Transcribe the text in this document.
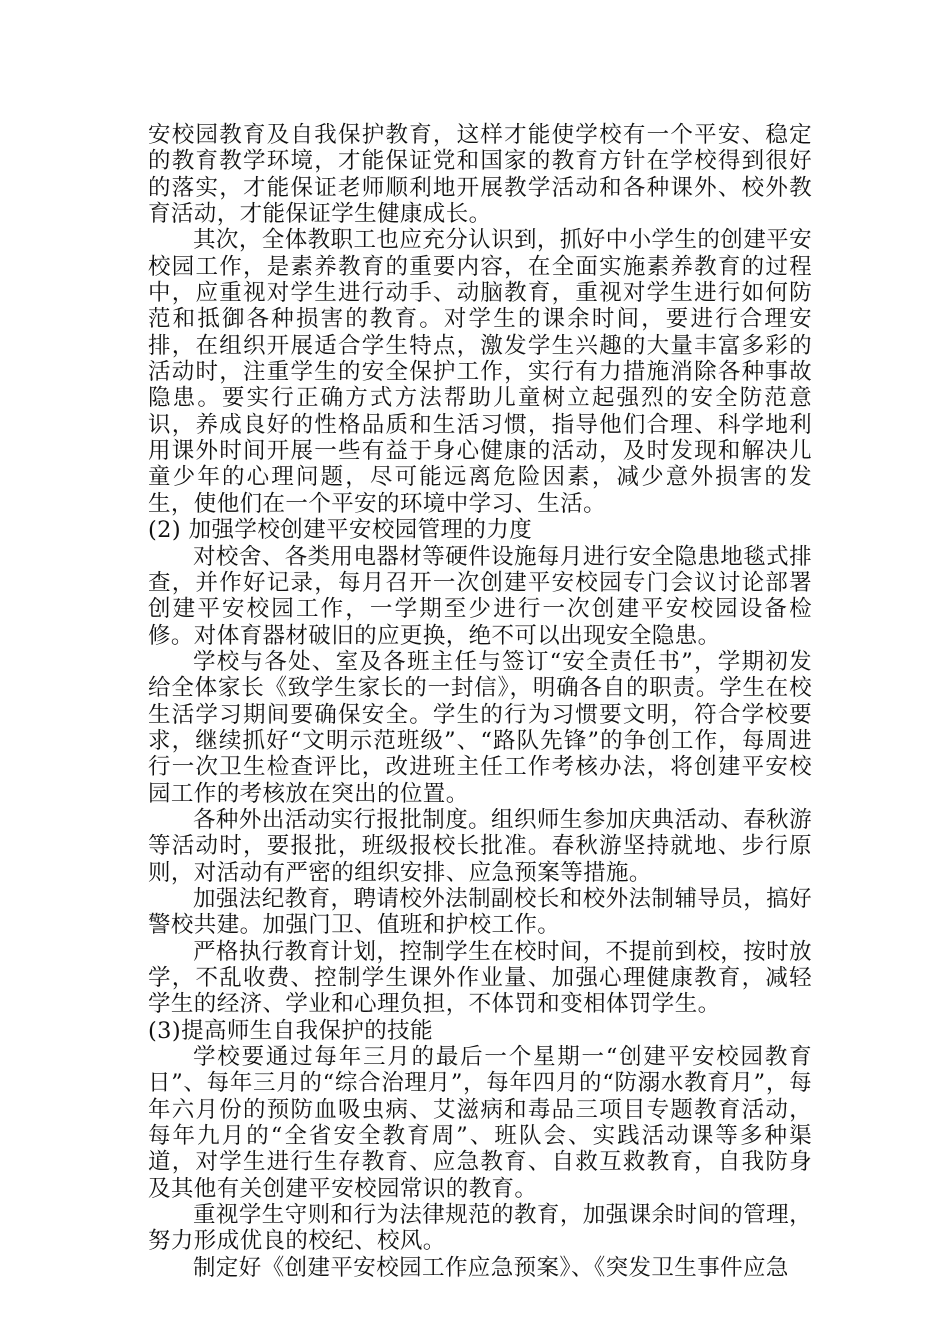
安校园教育及自我保护教育，这样才能使学校有一个平安、稳定的教育教学环境，才能保证党和国家的教育方针在学校得到很好的落实，才能保证老师顺利地开展教学活动和各种课外、校外教育活动，才能保证学生健康成长。

其次，全体教职工也应充分认识到，抓好中小学生的创建平安校园工作，是素养教育的重要内容，在全面实施素养教育的过程中，应重视对学生进行动手、动脑教育，重视对学生进行如何防范和抵御各种损害的教育。对学生的课余时间，要进行合理安排，在组织开展适合学生特点，激发学生兴趣的大量丰富多彩的活动时，注重学生的安全保护工作，实行有力措施消除各种事故隐患。要实行正确方式方法帮助儿童树立起强烈的安全防范意识，养成良好的性格品质和生活习惯，指导他们合理、科学地利用课外时间开展一些有益于身心健康的活动，及时发现和解决儿童少年的心理问题，尽可能远离危险因素，减少意外损害的发生，使他们在一个平安的环境中学习、生活。

(2) 加强学校创建平安校园管理的力度

对校舍、各类用电器材等硬件设施每月进行安全隐患地毯式排查，并作好记录，每月召开一次创建平安校园专门会议讨论部署创建平安校园工作，一学期至少进行一次创建平安校园设备检修。对体育器材破旧的应更换，绝不可以出现安全隐患。

学校与各处、室及各班主任与签订“安全责任书”，学期初发给全体家长《致学生家长的一封信》，明确各自的职责。学生在校生活学习期间要确保安全。学生的行为习惯要文明，符合学校要求，继续抓好“文明示范班级”、“路队先锋”的争创工作，每周进行一次卫生检查评比，改进班主任工作考核办法，将创建平安校园工作的考核放在突出的位置。

各种外出活动实行报批制度。组织师生参加庆典活动、春秋游等活动时，要报批，班级报校长批准。春秋游坚持就地、步行原则，对活动有严密的组织安排、应急预案等措施。

加强法纪教育，聘请校外法制副校长和校外法制辅导员，搞好警校共建。加强门卫、值班和护校工作。

严格执行教育计划，控制学生在校时间，不提前到校，按时放学，不乱收费、控制学生课外作业量、加强心理健康教育，减轻学生的经济、学业和心理负担，不体罚和变相体罚学生。

(3)提高师生自我保护的技能

学校要通过每年三月的最后一个星期一“创建平安校园教育日”、每年三月的“综合治理月”，每年四月的“防溺水教育月”，每年六月份的预防血吸虫病、艾滋病和毒品三项目专题教育活动，每年九月的“全省安全教育周”、班队会、实践活动课等多种渠道，对学生进行生存教育、应急教育、自救互救教育，自我防身及其他有关创建平安校园常识的教育。

重视学生守则和行为法律规范的教育，加强课余时间的管理，努力形成优良的校纪、校风。

制定好《创建平安校园工作应急预案》、《突发卫生事件应急
